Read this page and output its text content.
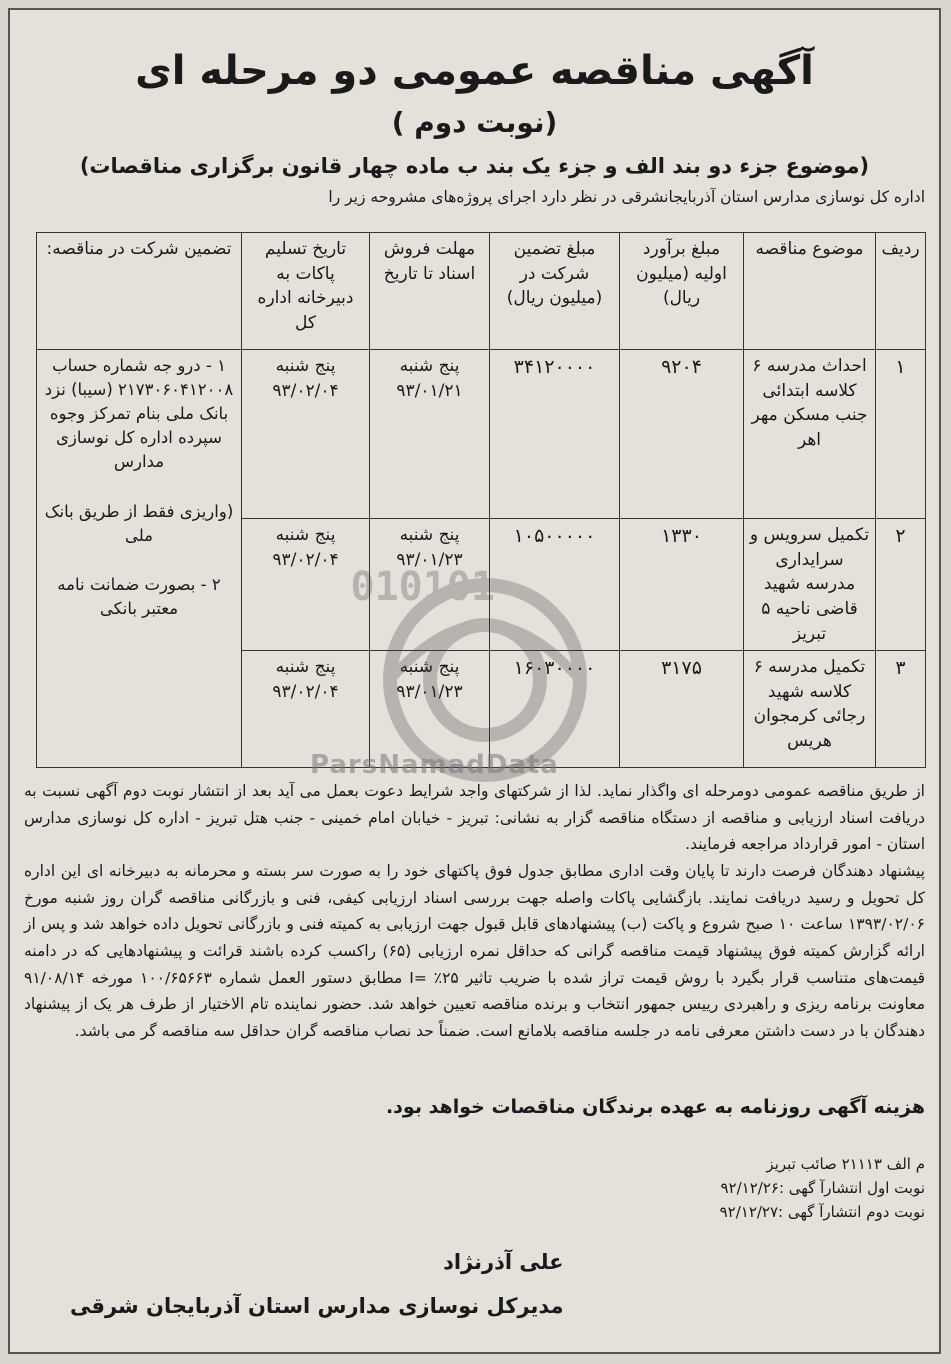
آگهی مناقصه عمومی دو مرحله ای
(نوبت دوم )
(موضوع جزء دو بند الف و جزء یک بند ب ماده چهار قانون برگزاری مناقصات)
اداره کل نوسازی مدارس استان آذربایجانشرقی در نظر دارد اجرای پروژه‌های مشروحه زیر را
ردیف	موضوع مناقصه	مبلغ برآورد اولیه (میلیون ریال)	مبلغ تضمین شرکت در (میلیون ریال)	مهلت فروش اسناد تا تاریخ	تاریخ تسلیم پاکات به دبیرخانه اداره کل	تضمین شرکت در مناقصه:
۱	احداث مدرسه ۶ کلاسه ابتدائی جنب مسکن مهر اهر	۹۲۰۴	۳۴۱۲۰۰۰۰	پنج شنبه ۹۳/۰۱/۲۱	پنج شنبه ۹۳/۰۲/۰۴	۱ - درو جه شماره حساب ۲۱۷۳۰۶۰۴۱۲۰۰۸ (سیبا) نزد بانک ملی بنام تمرکز وجوه سپرده اداره کل نوسازی مدارس

(واریزی فقط از طریق بانک ملی

۲ - بصورت ضمانت نامه معتبر بانکی

۲	تکمیل سرویس و سرایداری مدرسه شهید قاضی ناحیه ۵ تبریز	۱۳۳۰	۱۰۵۰۰۰۰۰	پنج شنبه ۹۳/۰۱/۲۳	پنج شنبه ۹۳/۰۲/۰۴	
۳	تکمیل مدرسه ۶ کلاسه شهید رجائی کرمجوان هریس	۳۱۷۵	۱۶۰۳۰۰۰۰	پنج شنبه ۹۳/۰۱/۲۳	پنج شنبه ۹۳/۰۲/۰۴	
010101
ParsNamadData

از طریق مناقصه عمومی دومرحله ای واگذار نماید. لذا از شرکتهای واجد شرایط دعوت بعمل می آید بعد از انتشار نوبت دوم آگهی نسبت به دریافت اسناد ارزیابی و مناقصه از دستگاه مناقصه گزار به نشانی: تبریز - خیابان امام خمینی - جنب هتل تبریز - اداره کل نوسازی مدارس استان - امور قرارداد مراجعه فرمایند.

پیشنهاد دهندگان فرصت دارند تا پایان وقت اداری مطابق جدول فوق پاکتهای خود را به صورت سر بسته و محرمانه به دبیرخانه ای این اداره کل تحویل و رسید دریافت نمایند. بازگشایی پاکات واصله جهت بررسی اسناد ارزیابی کیفی، فنی و بازرگانی مناقصه گران روز شنبه مورخ ۱۳۹۳/۰۲/۰۶ ساعت ۱۰ صبح شروع و پاکت (ب) پیشنهادهای قابل قبول جهت ارزیابی به کمیته فنی و بازرگانی تحویل داده خواهد شد و پس از ارائه گزارش کمیته فوق پیشنهاد قیمت مناقصه گرانی که حداقل نمره ارزیابی (۶۵) راکسب کرده باشند قرائت و پیشنهادهایی که در دامنه قیمت‌های متناسب قرار بگیرد با روش قیمت تراز شده با ضریب تاثیر ۲۵٪ =I مطابق دستور العمل شماره ۱۰۰/۶۵۶۶۳ مورخه ۹۱/۰۸/۱۴ معاونت برنامه ریزی و راهبردی رییس جمهور انتخاب و برنده مناقصه تعیین خواهد شد. حضور نماینده تام الاختیار از طرف هر یک از پیشنهاد دهندگان با در دست داشتن معرفی نامه در جلسه مناقصه بلامانع است. ضمناً حد نصاب مناقصه گران حداقل سه مناقصه گر می باشد.

هزینه آگهی روزنامه به عهده برندگان مناقصات خواهد بود.
م الف ۲۱۱۱۳ صائب تبریز
نوبت اول انتشارآ گهی :۹۲/۱۲/۲۶
نوبت دوم انتشارآ گهی :۹۲/۱۲/۲۷
علی آذرنژاد
مدیرکل نوسازی مدارس استان آذربایجان شرقی
